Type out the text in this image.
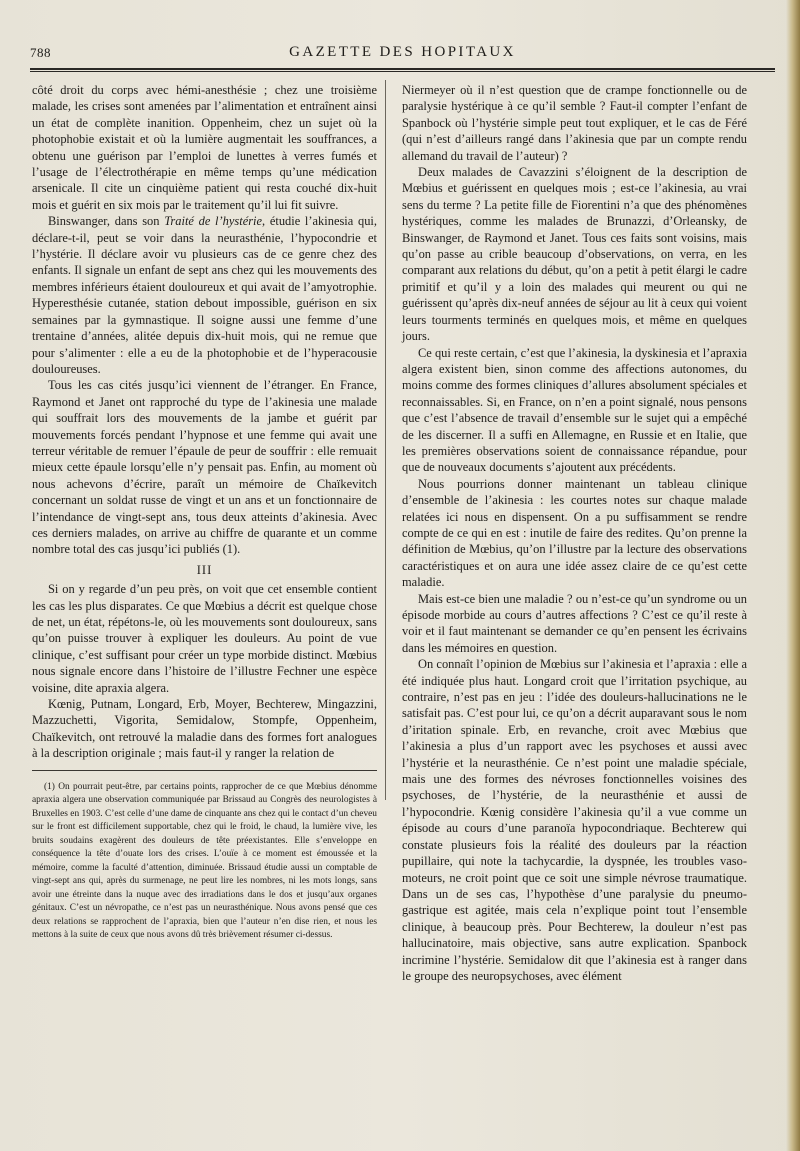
788	GAZETTE DES HOPITAUX

côté droit du corps avec hémi-anesthésie ; chez une troisième malade, les crises sont amenées par l’alimentation et entraînent ainsi un état de complète inanition. Oppenheim, chez un sujet où la photophobie existait et où la lumière augmentait les souffrances, a obtenu une guérison par l’emploi de lunettes à verres fumés et l’usage de l’électrothérapie en même temps qu’une médication arsenicale. Il cite un cinquième patient qui resta couché dix-huit mois et guérit en six mois par le traitement qu’il lui fit suivre.

Binswanger, dans son Traité de l’hystérie, étudie l’akinesia qui, déclare-t-il, peut se voir dans la neurasthénie, l’hypocondrie et l’hystérie. Il déclare avoir vu plusieurs cas de ce genre chez des enfants. Il signale un enfant de sept ans chez qui les mouvements des membres inférieurs étaient douloureux et qui avait de l’amyotrophie. Hyperesthésie cutanée, station debout impossible, guérison en six semaines par la gymnastique. Il soigne aussi une femme d’une trentaine d’années, alitée depuis dix-huit mois, qui ne remue que pour s’alimenter : elle a eu de la photophobie et de l’hyperacousie douloureuses.

Tous les cas cités jusqu’ici viennent de l’étranger. En France, Raymond et Janet ont rapproché du type de l’akinesia une malade qui souffrait lors des mouvements de la jambe et guérit par mouvements forcés pendant l’hypnose et une femme qui avait une terreur véritable de remuer l’épaule de peur de souffrir : elle remuait mieux cette épaule lorsqu’elle n’y pensait pas. Enfin, au moment où nous achevons d’écrire, paraît un mémoire de Chaïkevitch concernant un soldat russe de vingt et un ans et un fonctionnaire de l’intendance de vingt-sept ans, tous deux atteints d’akinesia. Avec ces derniers malades, on arrive au chiffre de quarante et un comme nombre total des cas jusqu’ici publiés (1).

III

Si on y regarde d’un peu près, on voit que cet ensemble contient les cas les plus disparates. Ce que Mœbius a décrit est quelque chose de net, un état, répétons-le, où les mouvements sont douloureux, sans qu’on puisse trouver à expliquer les douleurs. Au point de vue clinique, c’est suffisant pour créer un type morbide distinct. Mœbius nous signale encore dans l’histoire de l’illustre Fechner une espèce voisine, dite apraxia algera.

Kœnig, Putnam, Longard, Erb, Moyer, Bechterew, Mingazzini, Mazzuchetti, Vigorita, Semidalow, Stompfe, Oppenheim, Chaïkevitch, ont retrouvé la maladie dans des formes fort analogues à la description originale ; mais faut-il y ranger la relation de

(1) On pourrait peut-être, par certains points, rapprocher de ce que Mœbius dénomme apraxia algera une observation communiquée par Brissaud au Congrès des neurologistes à Bruxelles en 1903. C’est celle d’une dame de cinquante ans chez qui le contact d’un cheveu sur le front est difficilement supportable, chez qui le froid, le chaud, la lumière vive, les bruits soudains exagèrent des douleurs de tête préexistantes. Elle s’enveloppe en conséquence la tête d’ouate lors des crises. L’ouïe à ce moment est émoussée et la mémoire, comme la faculté d’attention, diminuée. Brissaud étudie aussi un comptable de vingt-sept ans qui, après du surmenage, ne peut lire les nombres, ni les mots longs, sans avoir une étreinte dans la nuque avec des irradiations dans le dos et jusqu’aux organes génitaux. C’est un névropathe, ce n’est pas un neurasthénique. Nous avons pensé que ces deux relations se rapprochent de l’apraxia, bien que l’auteur n’en dise rien, et nous les mettons à la suite de ceux que nous avons dû très brièvement résumer ci-dessus.

Niermeyer où il n’est question que de crampe fonctionnelle ou de paralysie hystérique à ce qu’il semble ? Faut-il compter l’enfant de Spanbock où l’hystérie simple peut tout expliquer, et le cas de Féré (qui n’est d’ailleurs rangé dans l’akinesia que par un compte rendu allemand du travail de l’auteur) ?

Deux malades de Cavazzini s’éloignent de la description de Mœbius et guérissent en quelques mois ; est-ce l’akinesia, au vrai sens du terme ? La petite fille de Fiorentini n’a que des phénomènes hystériques, comme les malades de Brunazzi, d’Orleansky, de Binswanger, de Raymond et Janet. Tous ces faits sont voisins, mais qu’on passe au crible beaucoup d’observations, on verra, en les comparant aux relations du début, qu’on a petit à petit élargi le cadre primitif et qu’il y a loin des malades qui meurent ou qui ne guérissent qu’après dix-neuf années de séjour au lit à ceux qui voient leurs tourments terminés en quelques mois, et même en quelques jours.

Ce qui reste certain, c’est que l’akinesia, la dyskinesia et l’apraxia algera existent bien, sinon comme des affections autonomes, du moins comme des formes cliniques d’allures absolument spéciales et reconnaissables. Si, en France, on n’en a point signalé, nous pensons que c’est l’absence de travail d’ensemble sur le sujet qui a empêché de les discerner. Il a suffi en Allemagne, en Russie et en Italie, que les premières observations soient de connaissance répandue, pour que de nouveaux documents s’ajoutent aux précédents.

Nous pourrions donner maintenant un tableau clinique d’ensemble de l’akinesia : les courtes notes sur chaque malade relatées ici nous en dispensent. On a pu suffisamment se rendre compte de ce qui en est : inutile de faire des redites. Qu’on prenne la définition de Mœbius, qu’on l’illustre par la lecture des observations caractéristiques et on aura une idée assez claire de ce qu’est cette maladie.

Mais est-ce bien une maladie ? ou n’est-ce qu’un syndrome ou un épisode morbide au cours d’autres affections ? C’est ce qu’il reste à voir et il faut maintenant se demander ce qu’en pensent les écrivains dans les mémoires en question.

On connaît l’opinion de Mœbius sur l’akinesia et l’apraxia : elle a été indiquée plus haut. Longard croit que l’irritation psychique, au contraire, n’est pas en jeu : l’idée des douleurs-hallucinations ne le satisfait pas. C’est pour lui, ce qu’on a décrit auparavant sous le nom d’iritation spinale. Erb, en revanche, croit avec Mœbius que l’akinesia a plus d’un rapport avec les psychoses et aussi avec l’hystérie et la neurasthénie. Ce n’est point une maladie spéciale, mais une des formes des névroses fonctionnelles voisines des psychoses, de l’hystérie, de la neurasthénie et aussi de l’hypocondrie. Kœnig considère l’akinesia qu’il a vue comme un épisode au cours d’une paranoïa hypocondriaque. Bechterew qui constate plusieurs fois la réalité des douleurs par la réaction pupillaire, qui note la tachycardie, la dyspnée, les troubles vaso-moteurs, ne croit point que ce soit une simple névrose traumatique. Dans un de ses cas, l’hypothèse d’une paralysie du pneumo-gastrique est agitée, mais cela n’explique point tout l’ensemble clinique, à beaucoup près. Pour Bechterew, la douleur n’est pas hallucinatoire, mais objective, sans autre explication. Spanbock incrimine l’hystérie. Semidalow dit que l’akinesia est à ranger dans le groupe des neuropsychoses, avec élément
